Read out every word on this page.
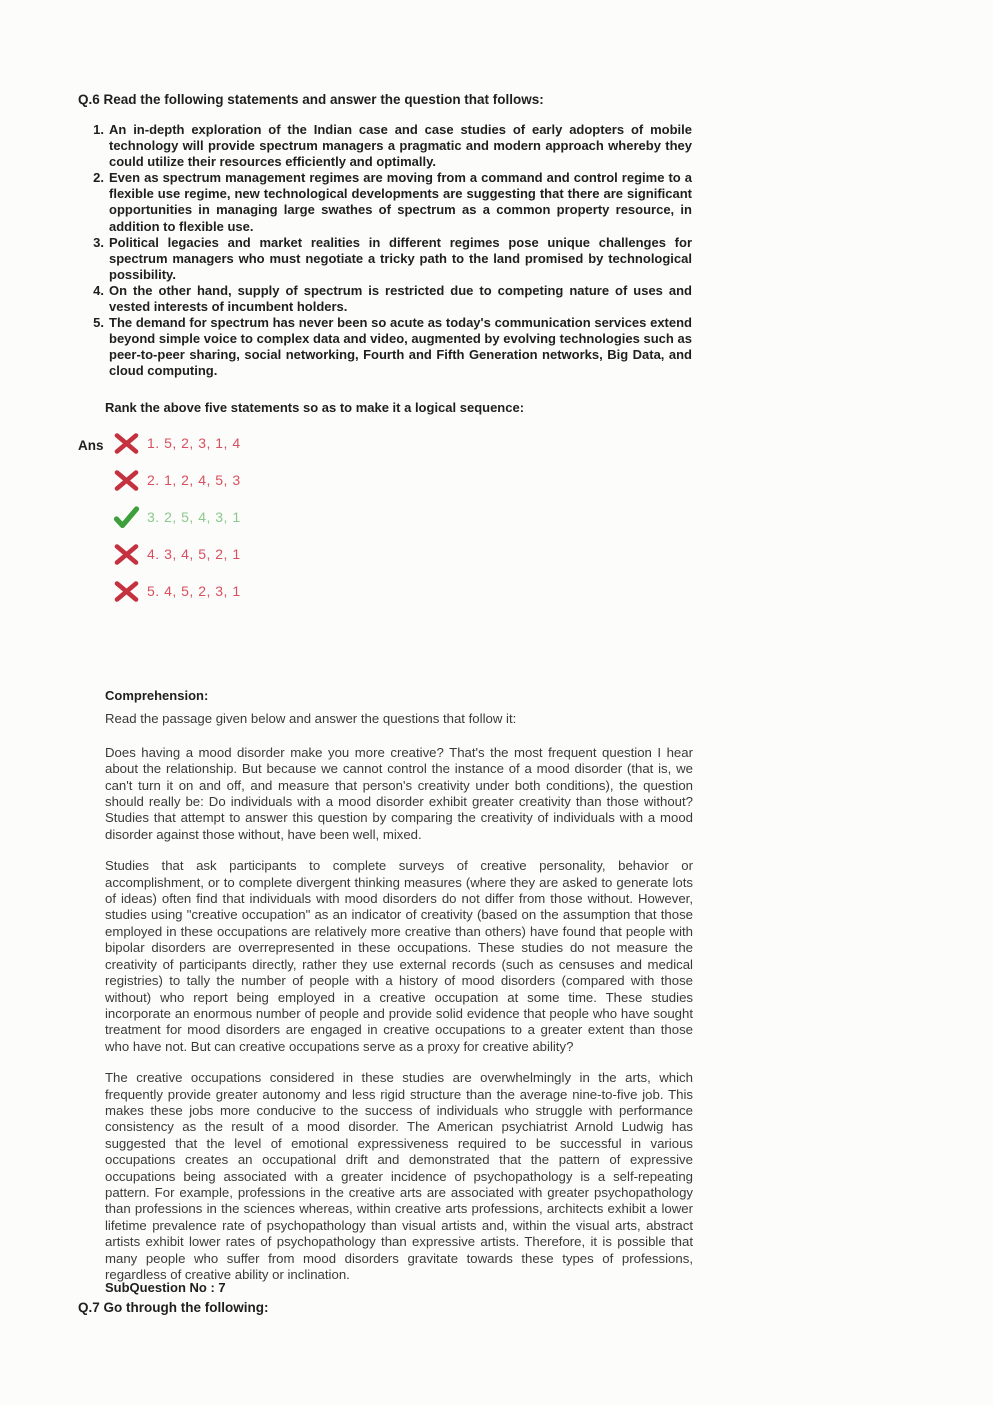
Q.6 Read the following statements and answer the question that follows:
1. An in-depth exploration of the Indian case and case studies of early adopters of mobile technology will provide spectrum managers a pragmatic and modern approach whereby they could utilize their resources efficiently and optimally.
2. Even as spectrum management regimes are moving from a command and control regime to a flexible use regime, new technological developments are suggesting that there are significant opportunities in managing large swathes of spectrum as a common property resource, in addition to flexible use.
3. Political legacies and market realities in different regimes pose unique challenges for spectrum managers who must negotiate a tricky path to the land promised by technological possibility.
4. On the other hand, supply of spectrum is restricted due to competing nature of uses and vested interests of incumbent holders.
5. The demand for spectrum has never been so acute as today's communication services extend beyond simple voice to complex data and video, augmented by evolving technologies such as peer-to-peer sharing, social networking, Fourth and Fifth Generation networks, Big Data, and cloud computing.
Rank the above five statements so as to make it a logical sequence:
Ans	1. 5, 2, 3, 1, 4
2. 1, 2, 4, 5, 3
3. 2, 5, 4, 3, 1
4. 3, 4, 5, 2, 1
5. 4, 5, 2, 3, 1
Comprehension:
Read the passage given below and answer the questions that follow it:

Does having a mood disorder make you more creative? That's the most frequent question I hear about the relationship. But because we cannot control the instance of a mood disorder (that is, we can't turn it on and off, and measure that person's creativity under both conditions), the question should really be: Do individuals with a mood disorder exhibit greater creativity than those without? Studies that attempt to answer this question by comparing the creativity of individuals with a mood disorder against those without, have been well, mixed.

Studies that ask participants to complete surveys of creative personality, behavior or accomplishment, or to complete divergent thinking measures (where they are asked to generate lots of ideas) often find that individuals with mood disorders do not differ from those without. However, studies using "creative occupation" as an indicator of creativity (based on the assumption that those employed in these occupations are relatively more creative than others) have found that people with bipolar disorders are overrepresented in these occupations. These studies do not measure the creativity of participants directly, rather they use external records (such as censuses and medical registries) to tally the number of people with a history of mood disorders (compared with those without) who report being employed in a creative occupation at some time. These studies incorporate an enormous number of people and provide solid evidence that people who have sought treatment for mood disorders are engaged in creative occupations to a greater extent than those who have not. But can creative occupations serve as a proxy for creative ability?

The creative occupations considered in these studies are overwhelmingly in the arts, which frequently provide greater autonomy and less rigid structure than the average nine-to-five job. This makes these jobs more conducive to the success of individuals who struggle with performance consistency as the result of a mood disorder. The American psychiatrist Arnold Ludwig has suggested that the level of emotional expressiveness required to be successful in various occupations creates an occupational drift and demonstrated that the pattern of expressive occupations being associated with a greater incidence of psychopathology is a self-repeating pattern. For example, professions in the creative arts are associated with greater psychopathology than professions in the sciences whereas, within creative arts professions, architects exhibit a lower lifetime prevalence rate of psychopathology than visual artists and, within the visual arts, abstract artists exhibit lower rates of psychopathology than expressive artists. Therefore, it is possible that many people who suffer from mood disorders gravitate towards these types of professions, regardless of creative ability or inclination.

SubQuestion No : 7
Q.7 Go through the following:
